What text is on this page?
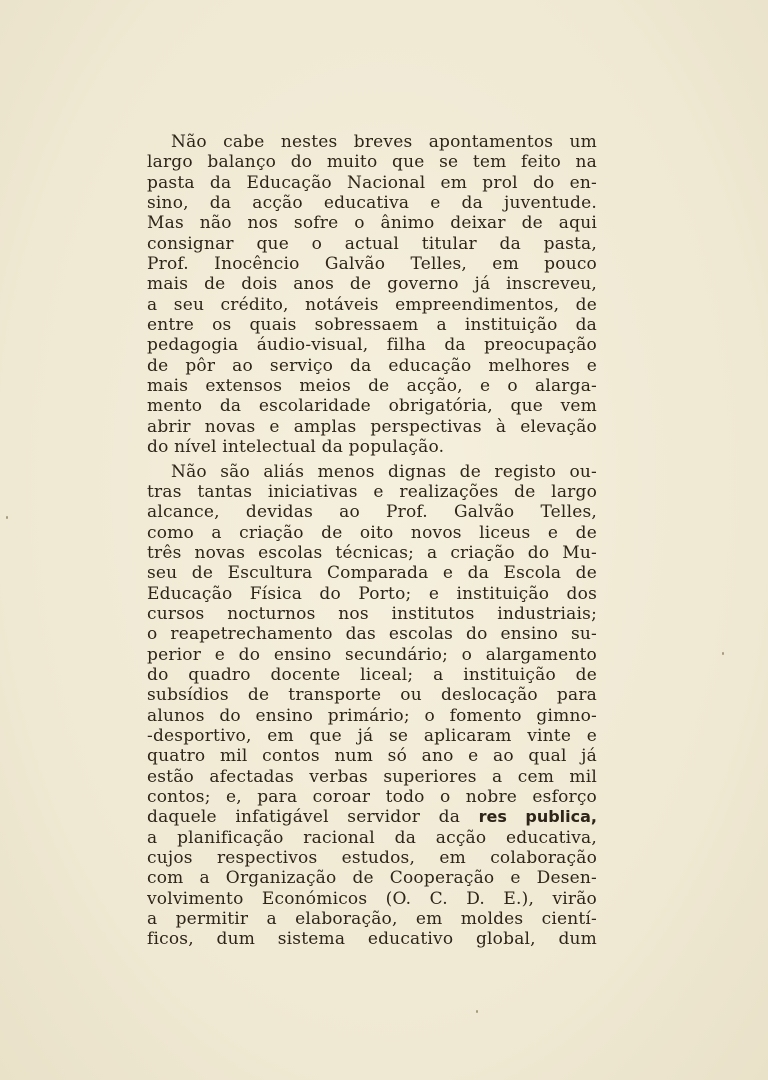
Não cabe nestes breves apontamentos um
largo balanço do muito que se tem feito na
pasta da Educação Nacional em prol do en-
sino, da acção educativa e da juventude.
Mas não nos sofre o ânimo deixar de aqui
consignar que o actual titular da pasta,
Prof. Inocêncio Galvão Telles, em pouco
mais de dois anos de governo já inscreveu,
a seu crédito, notáveis empreendimentos, de
entre os quais sobressaem a instituição da
pedagogia áudio-visual, filha da preocupação
de pôr ao serviço da educação melhores e
mais extensos meios de acção, e o alarga-
mento da escolaridade obrigatória, que vem
abrir novas e amplas perspectivas à elevação
do nível intelectual da população.

Não são aliás menos dignas de registo ou-
tras tantas iniciativas e realizações de largo
alcance, devidas ao Prof. Galvão Telles,
como a criação de oito novos liceus e de
três novas escolas técnicas; a criação do Mu-
seu de Escultura Comparada e da Escola de
Educação Física do Porto; e instituição dos
cursos nocturnos nos institutos industriais;
o reapetrechamento das escolas do ensino su-
perior e do ensino secundário; o alargamento
do quadro docente liceal; a instituição de
subsídios de transporte ou deslocação para
alunos do ensino primário; o fomento gimno-
-desportivo, em que já se aplicaram vinte e
quatro mil contos num só ano e ao qual já
estão afectadas verbas superiores a cem mil
contos; e, para coroar todo o nobre esforço
daquele infatigável servidor da res publica,
a planificação racional da acção educativa,
cujos respectivos estudos, em colaboração
com a Organização de Cooperação e Desen-
volvimento Económicos (O. C. D. E.), virão
a permitir a elaboração, em moldes cientí-
ficos, dum sistema educativo global, dum
